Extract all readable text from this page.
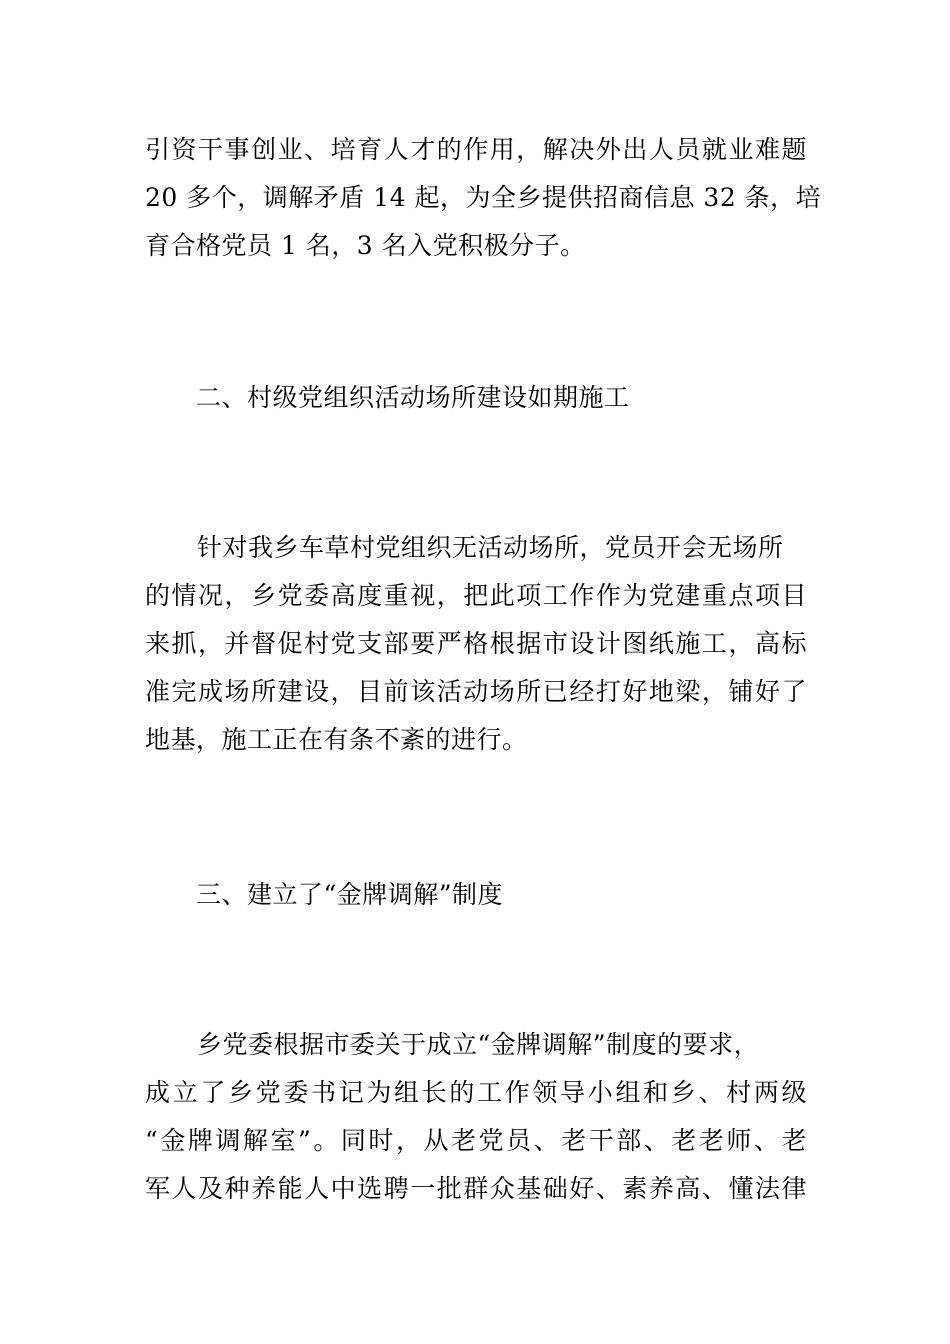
引资干事创业、培育人才的作用，解决外出人员就业难题
20 多个，调解矛盾 14 起，为全乡提供招商信息 32 条，培
育合格党员 1 名，3 名入党积极分子。
二、村级党组织活动场所建设如期施工
针对我乡车草村党组织无活动场所，党员开会无场所
的情况，乡党委高度重视，把此项工作作为党建重点项目
来抓，并督促村党支部要严格根据市设计图纸施工，高标
准完成场所建设，目前该活动场所已经打好地梁，铺好了
地基，施工正在有条不紊的进行。
三、建立了“金牌调解”制度
乡党委根据市委关于成立“金牌调解”制度的要求，
成立了乡党委书记为组长的工作领导小组和乡、村两级
“金牌调解室”。同时，从老党员、老干部、老老师、老
军人及种养能人中选聘一批群众基础好、素养高、懂法律
